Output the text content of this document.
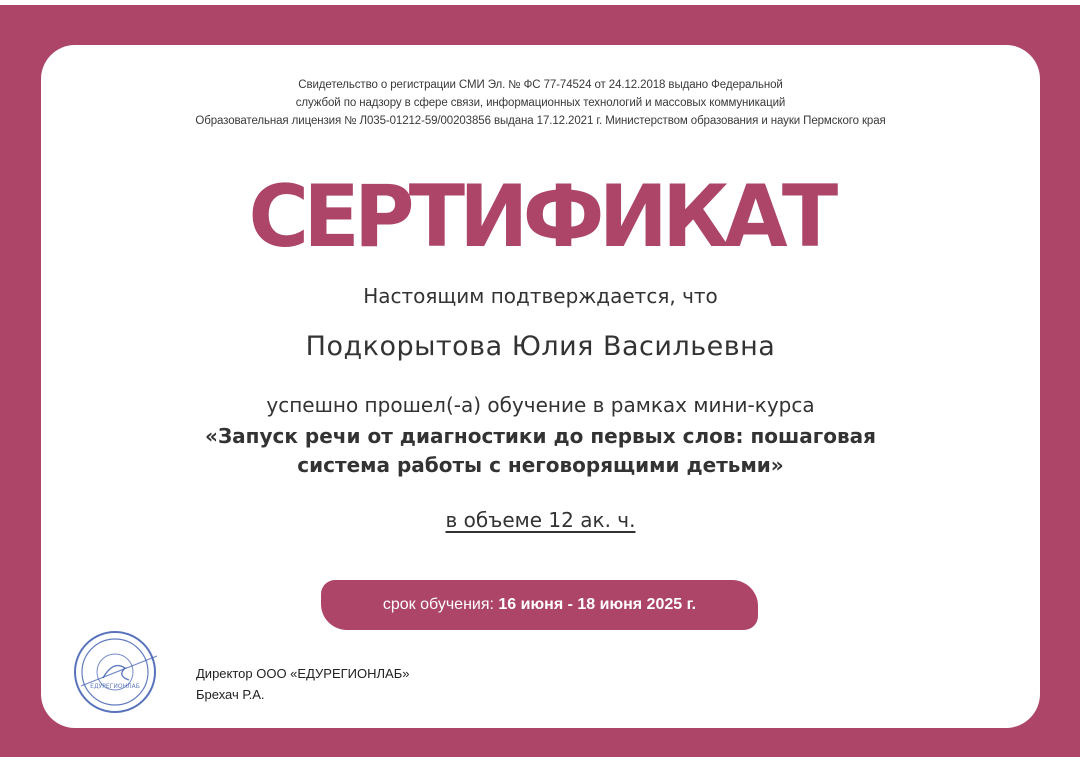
Свидетельство о регистрации СМИ Эл. № ФС 77-74524 от 24.12.2018 выдано Федеральной
службой по надзору в сфере связи, информационных технологий и массовых коммуникаций
Образовательная лицензия № Л035-01212-59/00203856 выдана 17.12.2021 г. Министерством образования и науки Пермского края
СЕРТИФИКАТ
Настоящим подтверждается, что
Подкорытова Юлия Васильевна
успешно прошел(-а) обучение в рамках мини-курса
«Запуск речи от диагностики до первых слов: пошаговая
система работы с неговорящими детьми»
в объеме 12 ак. ч.
срок обучения: 16 июня - 18 июня 2025 г.
ЕДУРЕГИОНЛАБ
Директор ООО «ЕДУРЕГИОНЛАБ»
Брехач Р.А.
